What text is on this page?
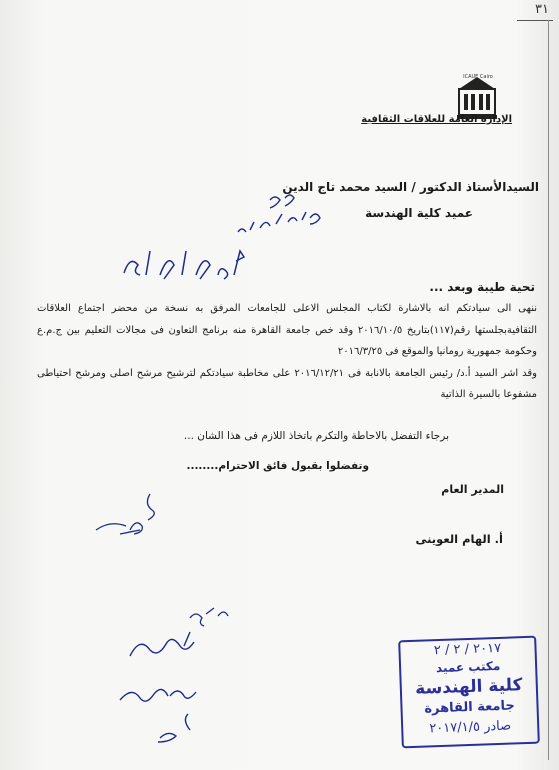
٣١
ICAUE Cairo
الإدارة العامة للعلاقات الثقافية
السيدالأستاذ الدكتور / السيد محمد تاج الدين
عميد كلية الهندسة
تحية طيبة وبعد ...

ننهى الى سيادتكم انه بالاشارة لكتاب المجلس الاعلى للجامعات المرفق به نسخة من محضر اجتماع العلاقات الثقافيةبجلستها رقم(١١٧)بتاريخ ٢٠١٦/١٠/٥ وقد خص جامعة القاهرة منه برنامج التعاون فى مجالات التعليم بين ج.م.ع وحكومة جمهورية رومانيا والموقع فى ٢٠١٦/٣/٢٥

وقد اشر السيد أ.د/ رئيس الجامعة بالانابة فى ٢٠١٦/١٢/٢١ على مخاطبة سيادتكم لترشيح مرشح اصلى ومرشح احتياطى مشفوعا بالسيرة الذاتية

برجاء التفضل بالاحاطة والتكرم باتخاذ اللازم فى هذا الشان ...
وتفضلوا بقبول فائق الاحترام........
المدير العام
أ. الهام العوينى
٢٠١٧ / ٢ / ٢
مكتب عميد
كلية الهندسة
جامعة القاهرة
صادر ٢٠١٧/١/٥
